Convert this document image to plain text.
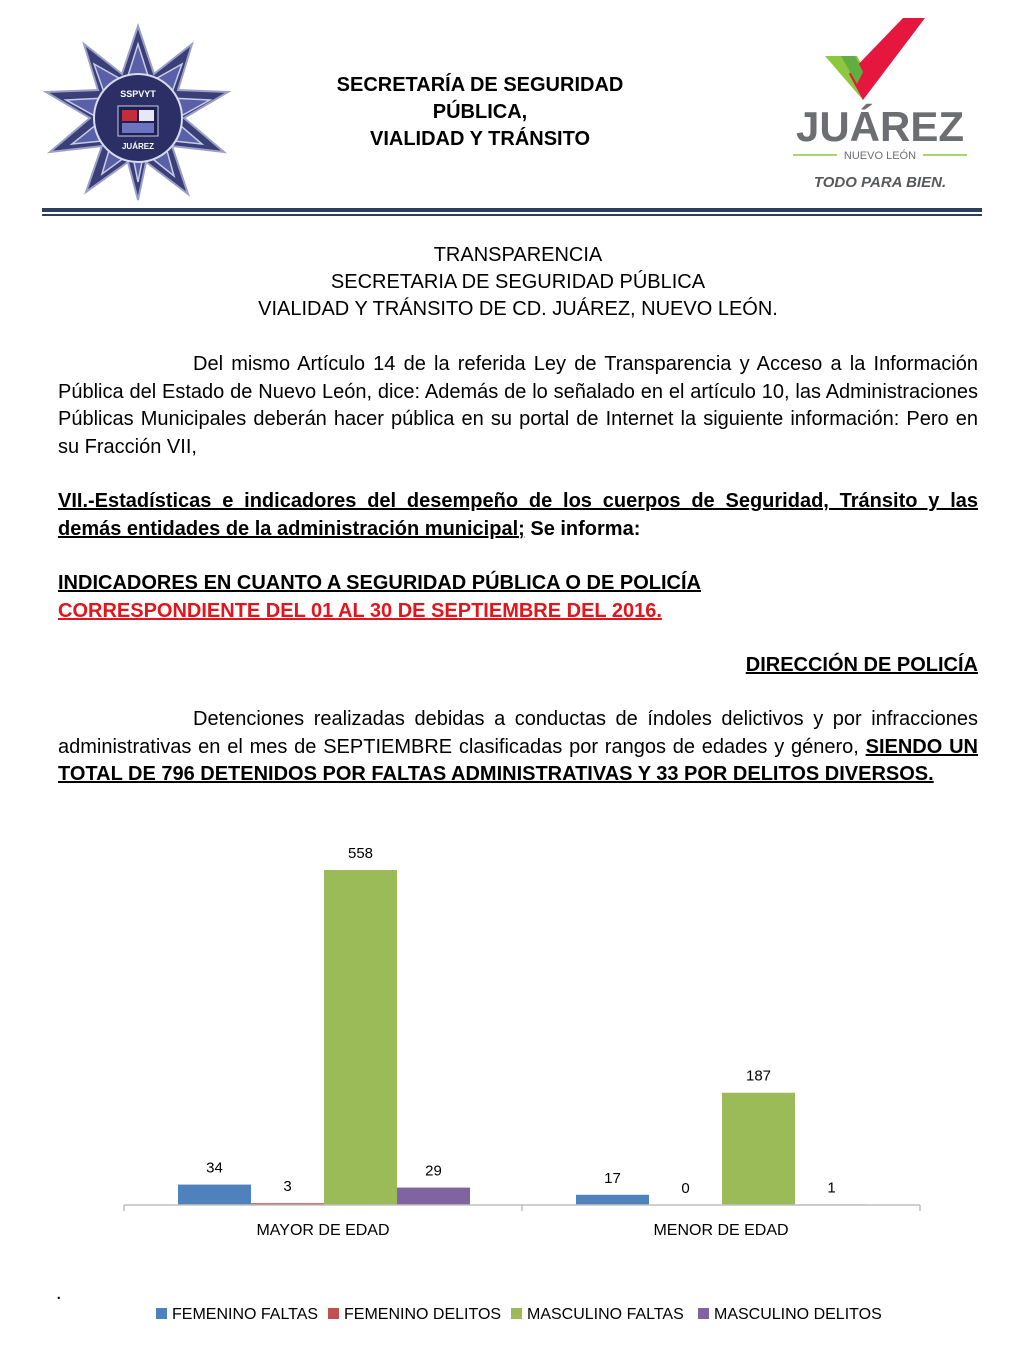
SSPVYT
JUÁREZ
SECRETARÍA DE SEGURIDAD
PÚBLICA,
VIALIDAD Y TRÁNSITO	JUÁREZ
NUEVO LEÓN
TODO PARA BIEN.
TRANSPARENCIA
SECRETARIA DE SEGURIDAD PÚBLICA
VIALIDAD Y TRÁNSITO DE CD. JUÁREZ, NUEVO LEÓN.
Del mismo Artículo 14 de la referida Ley de Transparencia y Acceso a la Información Pública del Estado de Nuevo León, dice: Además de lo señalado en el artículo 10, las Administraciones Públicas Municipales deberán hacer pública en su portal de Internet la siguiente información: Pero en su Fracción VII,
VII.-Estadísticas e indicadores del desempeño de los cuerpos de Seguridad, Tránsito y las demás entidades de la administración municipal; Se informa:
INDICADORES EN CUANTO A SEGURIDAD PÚBLICA O DE POLICÍA
CORRESPONDIENTE DEL 01 AL 30 DE SEPTIEMBRE DEL 2016.
DIRECCIÓN DE POLICÍA
Detenciones realizadas debidas a conductas de índoles delictivos y por infracciones administrativas en el mes de SEPTIEMBRE clasificadas por rangos de edades y género, SIENDO UN TOTAL DE 796 DETENIDOS POR FALTAS ADMINISTRATIVAS Y 33 POR DELITOS DIVERSOS.
34
3
558
29
MAYOR DE EDAD
17
0
187
1
MENOR DE EDAD
FEMENINO FALTAS FEMENINO DELITOS MASCULINO FALTAS MASCULINO DELITOS
.
